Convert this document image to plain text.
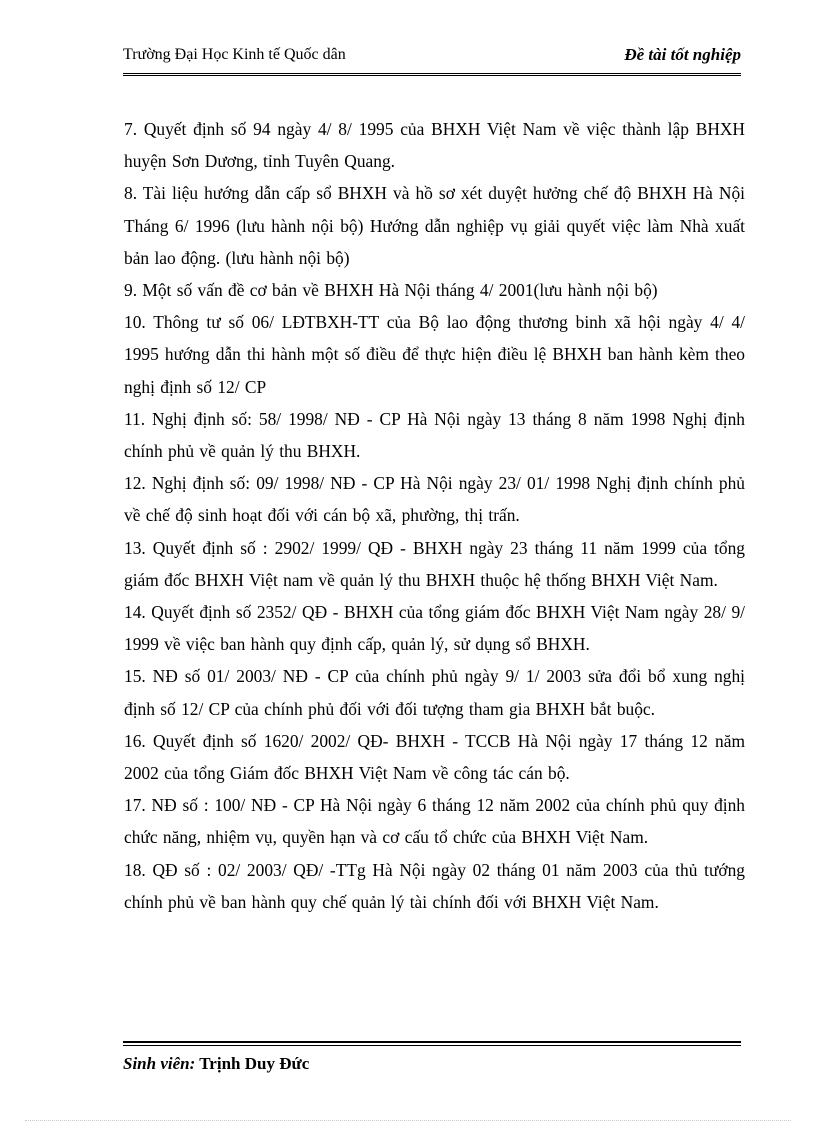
Trường Đại Học Kinh tế Quốc dân	Đề tài tốt nghiệp

7. Quyết định số 94 ngày 4/ 8/ 1995 của BHXH Việt Nam về việc thành lập BHXH huyện Sơn Dương, tỉnh Tuyên Quang.

8. Tài liệu hướng dẫn cấp sổ BHXH và hồ sơ xét duyệt hưởng chế độ BHXH Hà Nội Tháng 6/ 1996 (lưu hành nội bộ) Hướng dẫn nghiệp vụ giải quyết việc làm Nhà xuất bản lao động. (lưu hành nội bộ)

9. Một số vấn đề cơ bản về BHXH Hà Nội tháng 4/ 2001(lưu hành nội bộ)

10. Thông tư số 06/ LĐTBXH-TT của Bộ lao động thương binh xã hội ngày 4/ 4/ 1995 hướng dẫn thi hành một số điều để thực hiện điều lệ BHXH ban hành kèm theo nghị định số 12/ CP

11. Nghị định số: 58/ 1998/ NĐ - CP Hà Nội ngày 13 tháng 8 năm 1998 Nghị định chính phủ về quản lý thu BHXH.

12. Nghị định số: 09/ 1998/ NĐ - CP Hà Nội ngày 23/ 01/ 1998 Nghị định chính phủ về chế độ sinh hoạt đối với cán bộ xã, phường, thị trấn.

13. Quyết định số : 2902/ 1999/ QĐ - BHXH ngày 23 tháng 11 năm 1999 của tổng giám đốc BHXH Việt nam về quản lý thu BHXH thuộc hệ thống BHXH Việt Nam.

14. Quyết định số 2352/ QĐ - BHXH của tổng giám đốc BHXH Việt Nam ngày 28/ 9/ 1999 về việc ban hành quy định cấp, quản lý, sử dụng sổ BHXH.

15. NĐ số 01/ 2003/ NĐ - CP của chính phủ ngày 9/ 1/ 2003 sửa đổi bổ xung nghị định số 12/ CP của chính phủ đối với đối tượng tham gia BHXH bắt buộc.

16. Quyết định số 1620/ 2002/ QĐ- BHXH - TCCB Hà Nội ngày 17 tháng 12 năm 2002 của tổng Giám đốc BHXH Việt Nam về công tác cán bộ.

17. NĐ số : 100/ NĐ - CP Hà Nội ngày 6 tháng 12 năm 2002 của chính phủ quy định chức năng, nhiệm vụ, quyền hạn và cơ cấu tổ chức của BHXH Việt Nam.

18. QĐ số : 02/ 2003/ QĐ/ -TTg Hà Nội ngày 02 tháng 01 năm 2003 của thủ tướng chính phủ về ban hành quy chế quản lý tài chính đối với BHXH Việt Nam.

Sinh viên: Trịnh Duy Đức
